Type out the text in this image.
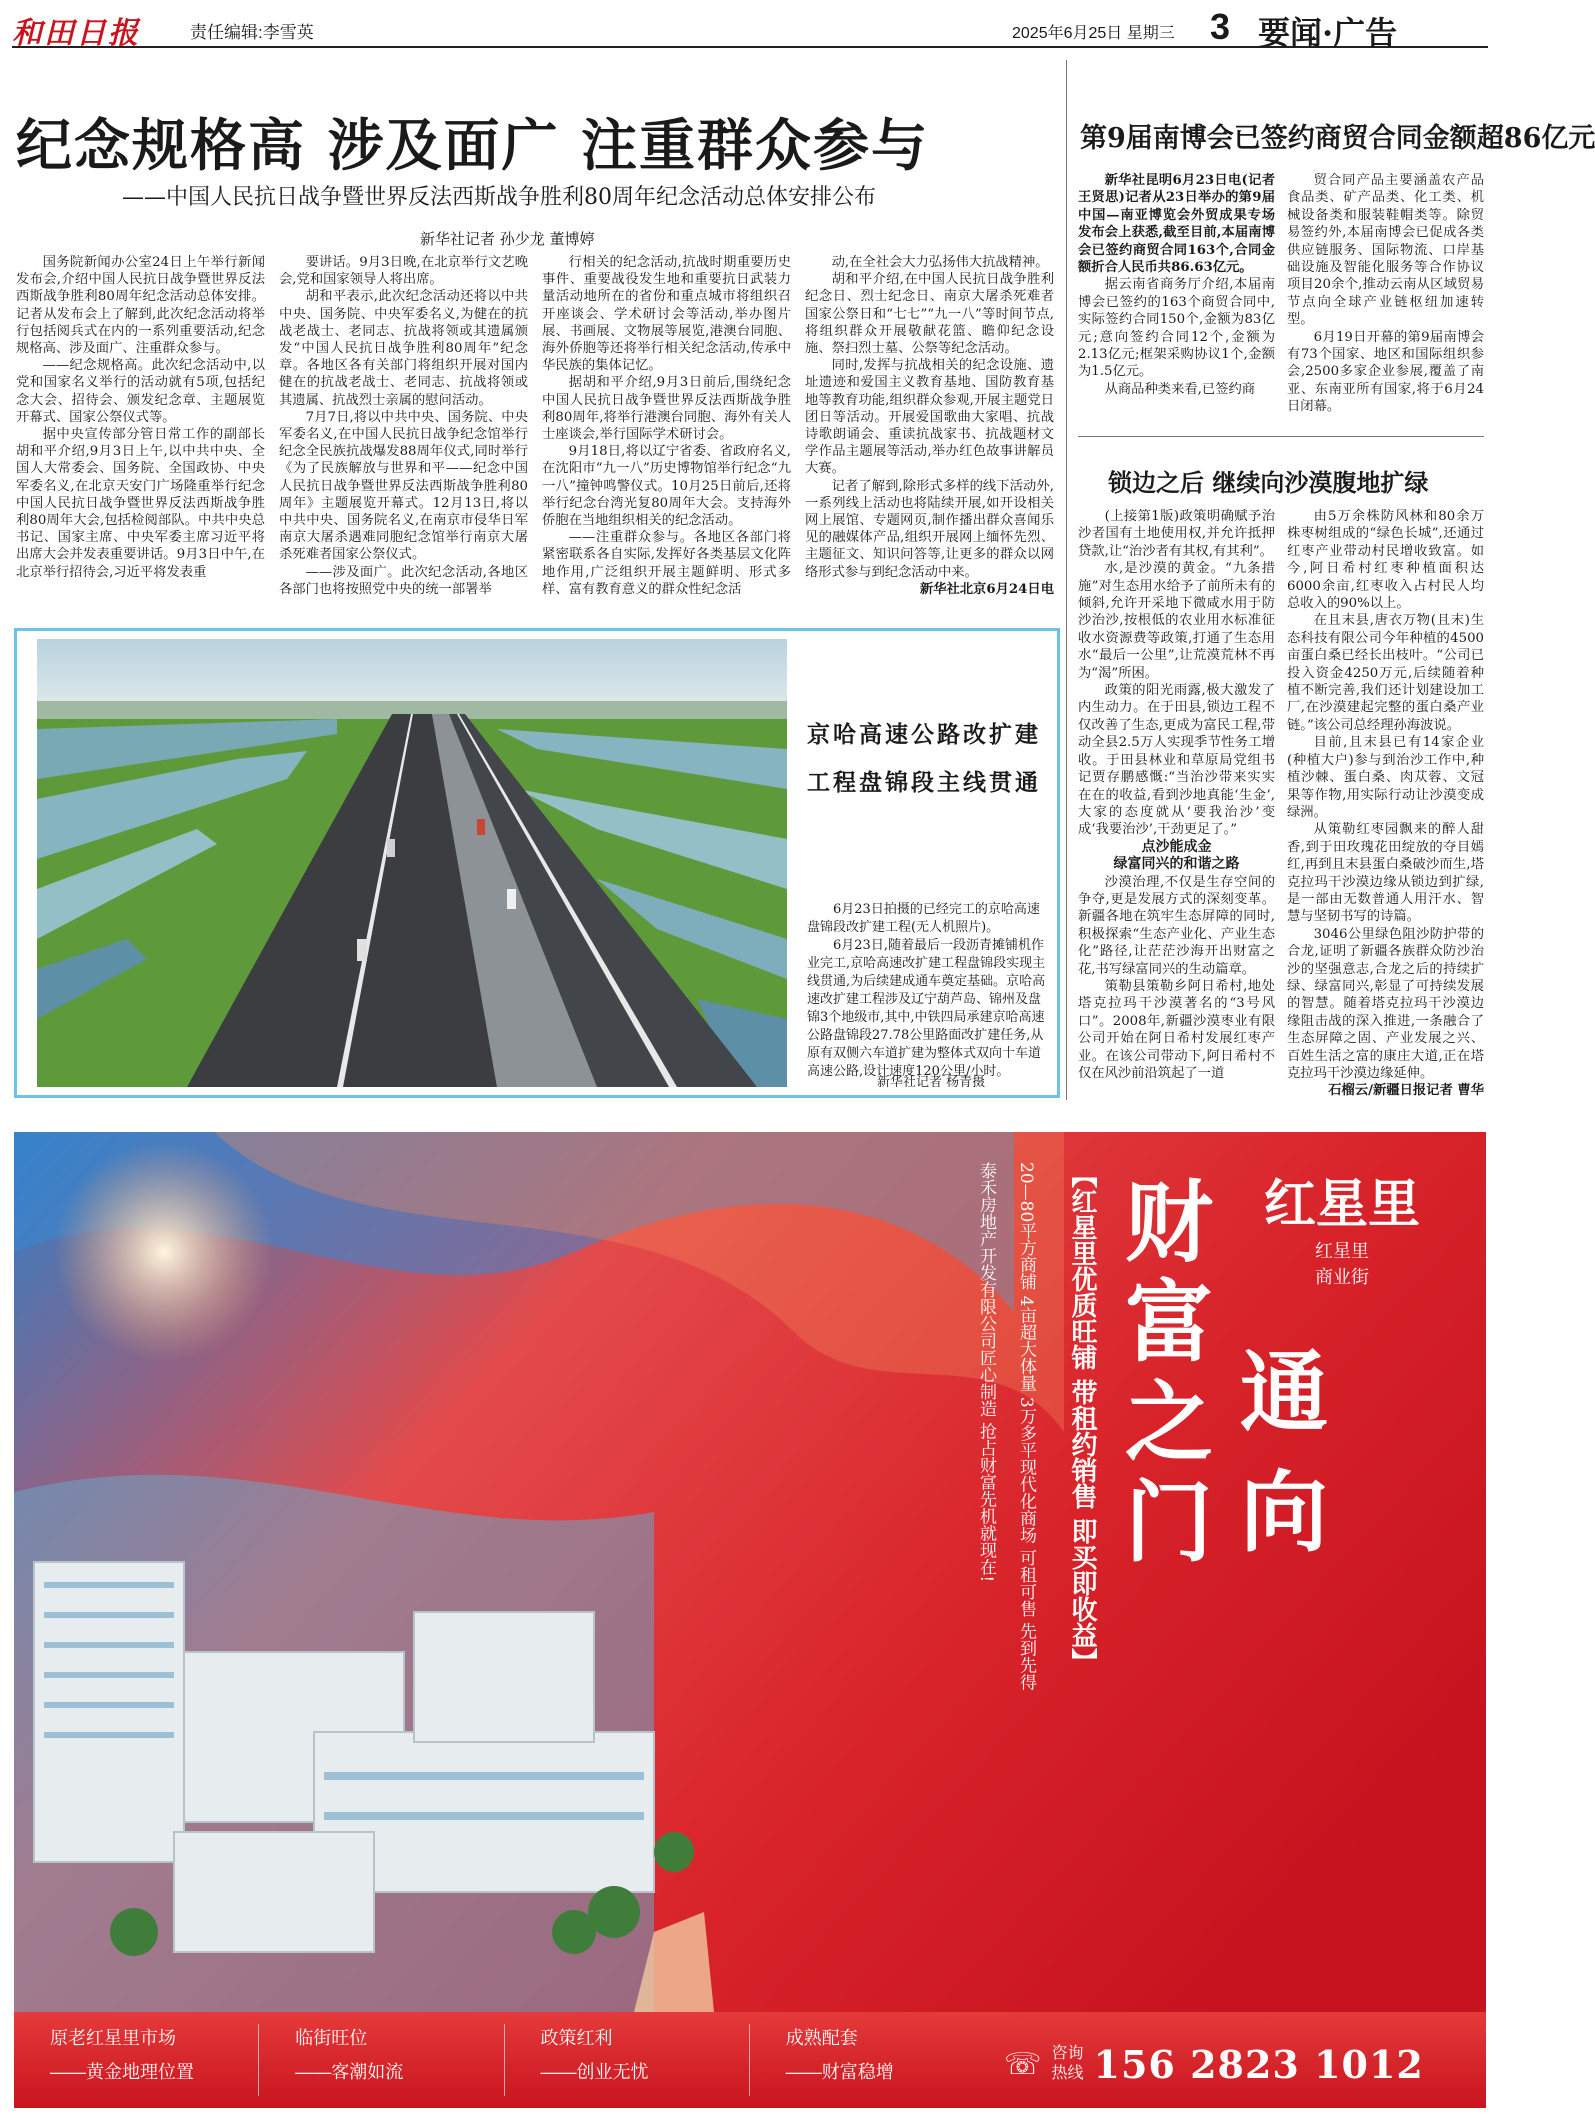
和田日报	责任编辑:李雪英	2025年6月25日 星期三 3 要闻·广告
纪念规格高 涉及面广 注重群众参与
——中国人民抗日战争暨世界反法西斯战争胜利80周年纪念活动总体安排公布
新华社记者 孙少龙 董博婷

国务院新闻办公室24日上午举行新闻发布会,介绍中国人民抗日战争暨世界反法西斯战争胜利80周年纪念活动总体安排。记者从发布会上了解到,此次纪念活动将举行包括阅兵式在内的一系列重要活动,纪念规格高、涉及面广、注重群众参与。

——纪念规格高。此次纪念活动中,以党和国家名义举行的活动就有5项,包括纪念大会、招待会、颁发纪念章、主题展览开幕式、国家公祭仪式等。

据中央宣传部分管日常工作的副部长胡和平介绍,9月3日上午,以中共中央、全国人大常委会、国务院、全国政协、中央军委名义,在北京天安门广场隆重举行纪念中国人民抗日战争暨世界反法西斯战争胜利80周年大会,包括检阅部队。中共中央总书记、国家主席、中央军委主席习近平将出席大会并发表重要讲话。9月3日中午,在北京举行招待会,习近平将发表重

要讲话。9月3日晚,在北京举行文艺晚会,党和国家领导人将出席。

胡和平表示,此次纪念活动还将以中共中央、国务院、中央军委名义,为健在的抗战老战士、老同志、抗战将领或其遗属颁发“中国人民抗日战争胜利80周年”纪念章。各地区各有关部门将组织开展对国内健在的抗战老战士、老同志、抗战将领或其遗属、抗战烈士亲属的慰问活动。

7月7日,将以中共中央、国务院、中央军委名义,在中国人民抗日战争纪念馆举行纪念全民族抗战爆发88周年仪式,同时举行《为了民族解放与世界和平——纪念中国人民抗日战争暨世界反法西斯战争胜利80周年》主题展览开幕式。12月13日,将以中共中央、国务院名义,在南京市侵华日军南京大屠杀遇难同胞纪念馆举行南京大屠杀死难者国家公祭仪式。

——涉及面广。此次纪念活动,各地区各部门也将按照党中央的统一部署举

行相关的纪念活动,抗战时期重要历史事件、重要战役发生地和重要抗日武装力量活动地所在的省份和重点城市将组织召开座谈会、学术研讨会等活动,举办图片展、书画展、文物展等展览,港澳台同胞、海外侨胞等还将举行相关纪念活动,传承中华民族的集体记忆。

据胡和平介绍,9月3日前后,围绕纪念中国人民抗日战争暨世界反法西斯战争胜利80周年,将举行港澳台同胞、海外有关人士座谈会,举行国际学术研讨会。

9月18日,将以辽宁省委、省政府名义,在沈阳市“九一八”历史博物馆举行纪念“九一八”撞钟鸣警仪式。10月25日前后,还将举行纪念台湾光复80周年大会。支持海外侨胞在当地组织相关的纪念活动。

——注重群众参与。各地区各部门将紧密联系各自实际,发挥好各类基层文化阵地作用,广泛组织开展主题鲜明、形式多样、富有教育意义的群众性纪念活

动,在全社会大力弘扬伟大抗战精神。

胡和平介绍,在中国人民抗日战争胜利纪念日、烈士纪念日、南京大屠杀死难者国家公祭日和“七七”“九一八”等时间节点,将组织群众开展敬献花篮、瞻仰纪念设施、祭扫烈士墓、公祭等纪念活动。

同时,发挥与抗战相关的纪念设施、遗址遗迹和爱国主义教育基地、国防教育基地等教育功能,组织群众参观,开展主题党日团日等活动。开展爱国歌曲大家唱、抗战诗歌朗诵会、重读抗战家书、抗战题材文学作品主题展等活动,举办红色故事讲解员大赛。

记者了解到,除形式多样的线下活动外,一系列线上活动也将陆续开展,如开设相关网上展馆、专题网页,制作播出群众喜闻乐见的融媒体产品,组织开展网上缅怀先烈、主题征文、知识问答等,让更多的群众以网络形式参与到纪念活动中来。

新华社北京6月24日电

第9届南博会已签约商贸合同金额超86亿元

新华社昆明6月23日电(记者 王贤思)记者从23日举办的第9届中国—南亚博览会外贸成果专场发布会上获悉,截至目前,本届南博会已签约商贸合同163个,合同金额折合人民币共86.63亿元。

据云南省商务厅介绍,本届南博会已签约的163个商贸合同中,实际签约合同150个,金额为83亿元;意向签约合同12个,金额为2.13亿元;框架采购协议1个,金额为1.5亿元。

从商品种类来看,已签约商

贸合同产品主要涵盖农产品食品类、矿产品类、化工类、机械设备类和服装鞋帽类等。除贸易签约外,本届南博会已促成各类供应链服务、国际物流、口岸基础设施及智能化服务等合作协议项目20余个,推动云南从区域贸易节点向全球产业链枢纽加速转型。

6月19日开幕的第9届南博会有73个国家、地区和国际组织参会,2500多家企业参展,覆盖了南亚、东南亚所有国家,将于6月24日闭幕。

锁边之后 继续向沙漠腹地扩绿

(上接第1版)政策明确赋予治沙者国有土地使用权,并允许抵押贷款,让“治沙者有其权,有其利”。

水,是沙漠的黄金。“九条措施”对生态用水给予了前所未有的倾斜,允许开采地下微咸水用于防沙治沙,按根低的农业用水标准征收水资源费等政策,打通了生态用水“最后一公里”,让荒漠荒林不再为“渴”所困。

政策的阳光雨露,极大激发了内生动力。在于田县,锁边工程不仅改善了生态,更成为富民工程,带动全县2.5万人实现季节性务工增收。于田县林业和草原局党组书记贾存鹏感慨:“当治沙带来实实在在的收益,看到沙地真能‘生金’,大家的态度就从‘要我治沙’变成‘我要治沙’,干劲更足了。”

点沙能成金

绿富同兴的和谐之路

沙漠治理,不仅是生存空间的争夺,更是发展方式的深刻变革。新疆各地在筑牢生态屏障的同时,积极探索“生态产业化、产业生态化”路径,让茫茫沙海开出财富之花,书写绿富同兴的生动篇章。

策勒县策勒乡阿日希村,地处塔克拉玛干沙漠著名的“3号风口”。2008年,新疆沙漠枣业有限公司开始在阿日希村发展红枣产业。在该公司带动下,阿日希村不仅在风沙前沿筑起了一道

由5万余株防风林和80余万株枣树组成的“绿色长城”,还通过红枣产业带动村民增收致富。如今,阿日希村红枣种植面积达6000余亩,红枣收入占村民人均总收入的90%以上。

在且末县,唐衣万物(且末)生态科技有限公司今年种植的4500亩蛋白桑已经长出枝叶。“公司已投入资金4250万元,后续随着种植不断完善,我们还计划建设加工厂,在沙漠建起完整的蛋白桑产业链。”该公司总经理孙海波说。

目前,且末县已有14家企业(种植大户)参与到治沙工作中,种植沙棘、蛋白桑、肉苁蓉、文冠果等作物,用实际行动让沙漠变成绿洲。

从策勒红枣园飘来的醉人甜香,到于田玫瑰花田绽放的夺目嫣红,再到且末县蛋白桑破沙而生,塔克拉玛干沙漠边缘从锁边到扩绿,是一部由无数普通人用汗水、智慧与坚韧书写的诗篇。

3046公里绿色阻沙防护带的合龙,证明了新疆各族群众防沙治沙的坚强意志,合龙之后的持续扩绿、绿富同兴,彰显了可持续发展的智慧。随着塔克拉玛干沙漠边缘阻击战的深入推进,一条融合了生态屏障之固、产业发展之兴、百姓生活之富的康庄大道,正在塔克拉玛干沙漠边缘延伸。

石榴云/新疆日报记者 曹华

京哈高速公路改扩建
工程盘锦段主线贯通

6月23日拍摄的已经完工的京哈高速盘锦段改扩建工程(无人机照片)。

6月23日,随着最后一段沥青摊铺机作业完工,京哈高速改扩建工程盘锦段实现主线贯通,为后续建成通车奠定基础。京哈高速改扩建工程涉及辽宁葫芦岛、锦州及盘锦3个地级市,其中,中铁四局承建京哈高速公路盘锦段27.78公里路面改扩建任务,从原有双侧六车道扩建为整体式双向十车道高速公路,设计速度120公里/小时。

新华社记者 杨青摄
红星里
红星里
商业街
财
富
之
门
通
向
【红星里优质旺铺 带租约销售 即买即收益】
20—80平方商铺 4亩超大体量 3万多平现代化商场 可租可售 先到先得
泰禾房地产开发有限公司匠心制造 抢占财富先机就现在!
原老红星里市场
——黄金地理位置
临街旺位
——客潮如流
政策红利
——创业无忧
成熟配套
——财富稳增	☏ 咨询
热线 156 2823 1012
